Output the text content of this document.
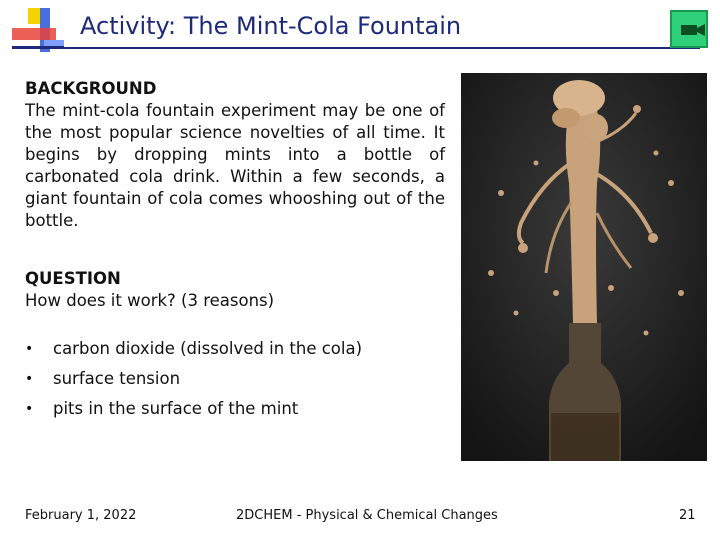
Activity: The Mint-Cola Fountain
BACKGROUND
The mint-cola fountain experiment may be one of the most popular science novelties of all time. It begins by dropping mints into a bottle of carbonated cola drink. Within a few seconds, a giant fountain of cola comes whooshing out of the bottle.
QUESTION
How does it work? (3 reasons)
• carbon dioxide (dissolved in the cola)
• surface tension
• pits in the surface of the mint
February 1, 2022	2DCHEM - Physical & Chemical Changes	21
